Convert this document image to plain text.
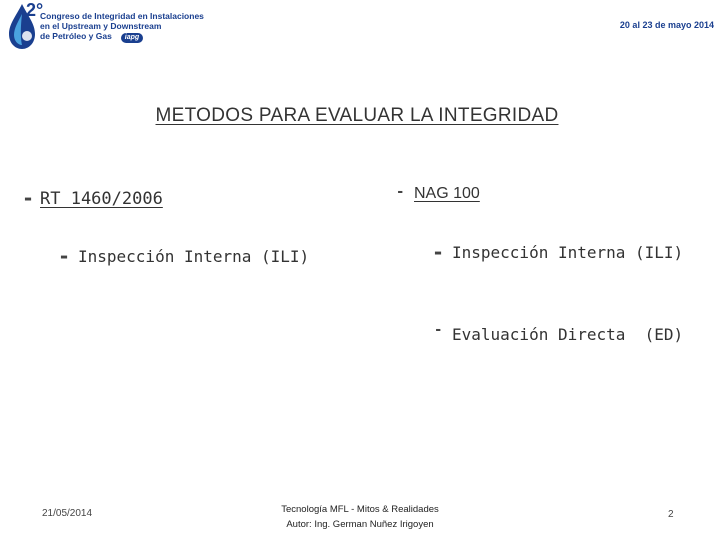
2°
Congreso de Integridad en Instalaciones
en el Upstream y Downstream
de Petróleo y Gas	iapg
20 al 23 de mayo 2014
METODOS PARA EVALUAR LA INTEGRIDAD
- RT 1460/2006
- Inspección Interna (ILI)
- NAG 100
- Inspección Interna (ILI)
- Evaluación Directa  (ED)
21/05/2014	Tecnología MFL - Mitos & Realidades
Autor: Ing. German Nuñez Irigoyen
2
